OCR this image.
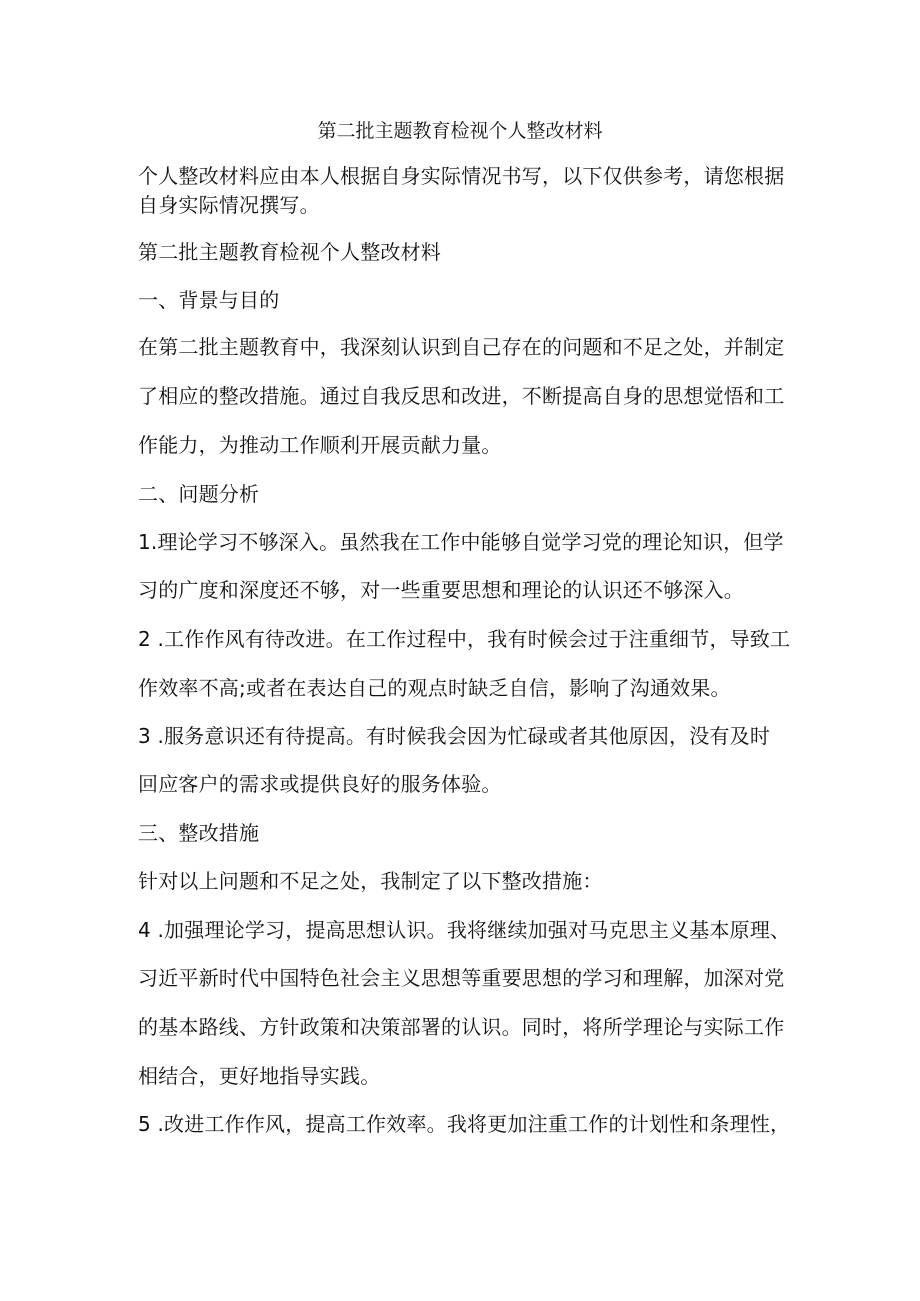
第二批主题教育检视个人整改材料
个人整改材料应由本人根据自身实际情况书写，以下仅供参考，请您根据
自身实际情况撰写。
第二批主题教育检视个人整改材料
一、背景与目的
在第二批主题教育中，我深刻认识到自己存在的问题和不足之处，并制定
了相应的整改措施。通过自我反思和改进，不断提高自身的思想觉悟和工
作能力，为推动工作顺利开展贡献力量。
二、问题分析
1.理论学习不够深入。虽然我在工作中能够自觉学习党的理论知识，但学
习的广度和深度还不够，对一些重要思想和理论的认识还不够深入。
2 .工作作风有待改进。在工作过程中，我有时候会过于注重细节，导致工
作效率不高;或者在表达自己的观点时缺乏自信，影响了沟通效果。
3 .服务意识还有待提高。有时候我会因为忙碌或者其他原因，没有及时
回应客户的需求或提供良好的服务体验。
三、整改措施
针对以上问题和不足之处，我制定了以下整改措施：
4 .加强理论学习，提高思想认识。我将继续加强对马克思主义基本原理、
习近平新时代中国特色社会主义思想等重要思想的学习和理解，加深对党
的基本路线、方针政策和决策部署的认识。同时，将所学理论与实际工作
相结合，更好地指导实践。
5 .改进工作作风，提高工作效率。我将更加注重工作的计划性和条理性，
